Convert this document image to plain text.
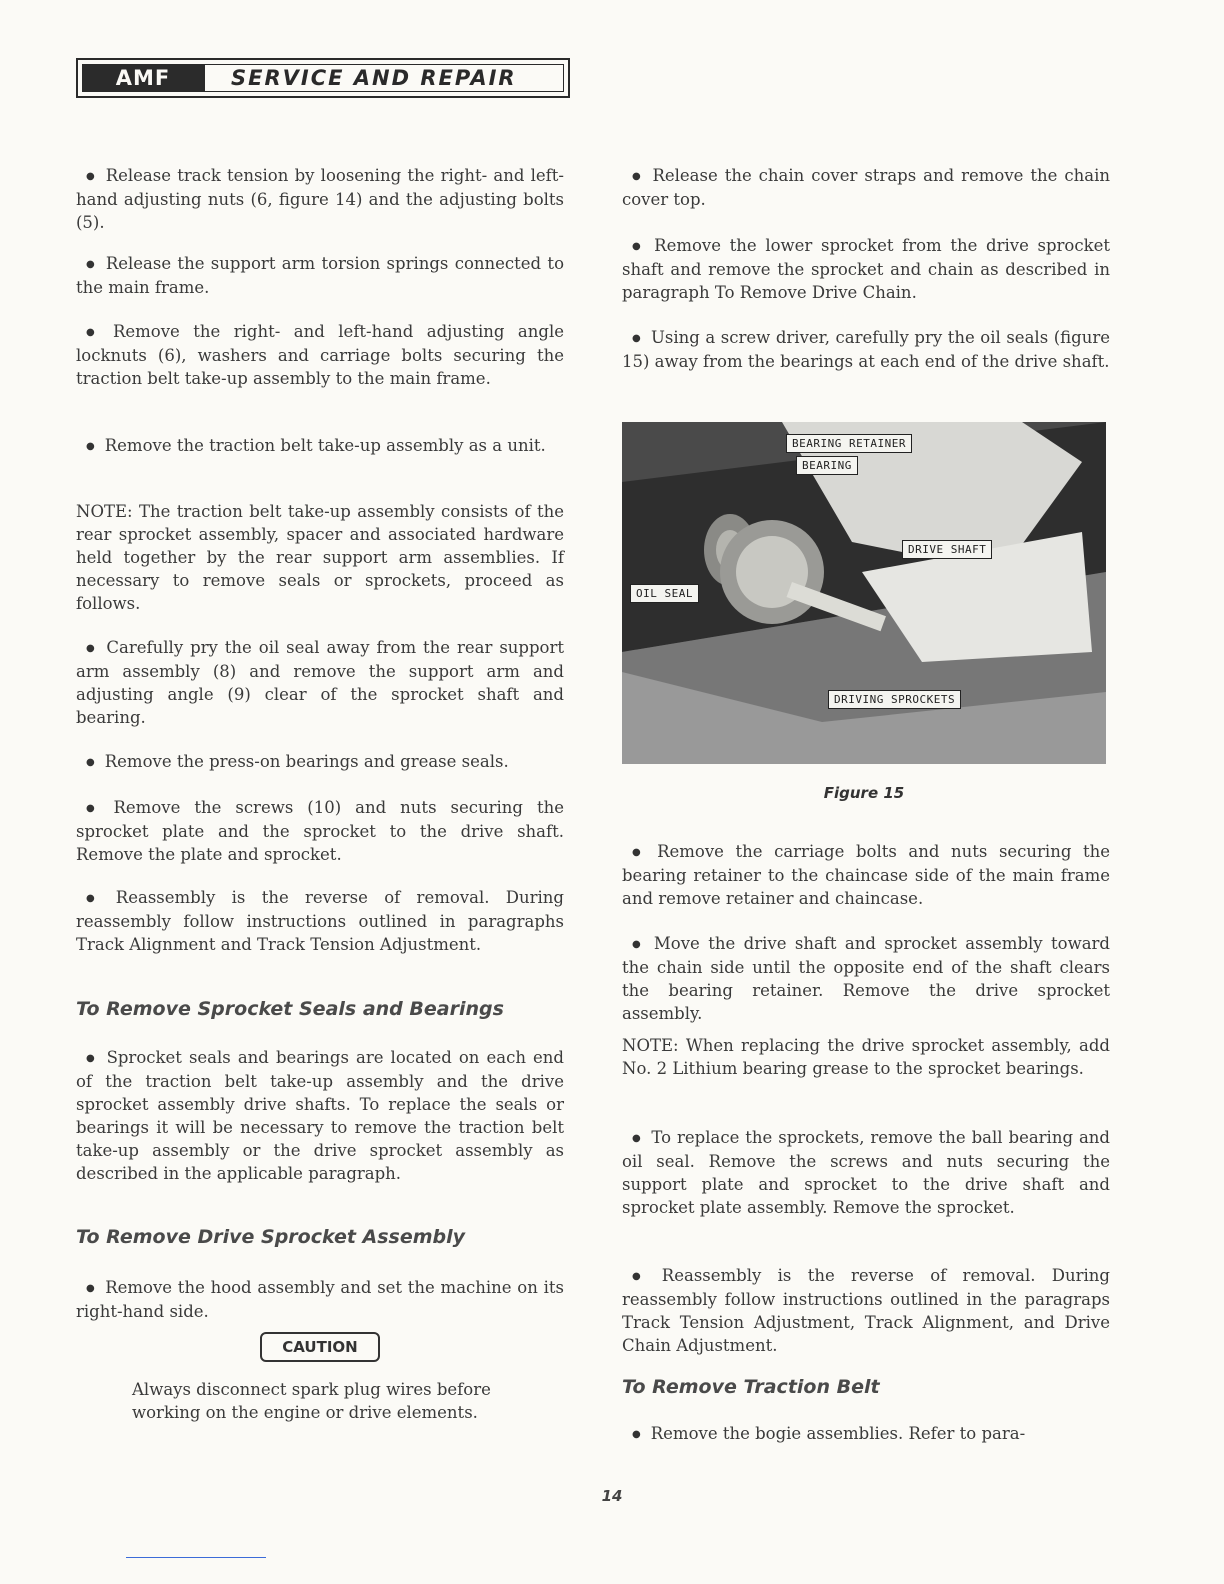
AMF	SERVICE AND REPAIR

● Release track tension by loosening the right- and left-hand adjusting nuts (6, figure 14) and the adjusting bolts (5).

● Release the support arm torsion springs connected to the main frame.

● Remove the right- and left-hand adjusting angle locknuts (6), washers and carriage bolts securing the traction belt take-up assembly to the main frame.

● Remove the traction belt take-up assembly as a unit.

NOTE: The traction belt take-up assembly consists of the rear sprocket assembly, spacer and associated hardware held together by the rear support arm assemblies. If necessary to remove seals or sprockets, proceed as follows.

● Carefully pry the oil seal away from the rear support arm assembly (8) and remove the support arm and adjusting angle (9) clear of the sprocket shaft and bearing.

● Remove the press-on bearings and grease seals.

● Remove the screws (10) and nuts securing the sprocket plate and the sprocket to the drive shaft. Remove the plate and sprocket.

● Reassembly is the reverse of removal. During reassembly follow instructions outlined in paragraphs Track Alignment and Track Tension Adjustment.

To Remove Sprocket Seals and Bearings

● Sprocket seals and bearings are located on each end of the traction belt take-up assembly and the drive sprocket assembly drive shafts. To replace the seals or bearings it will be necessary to remove the traction belt take-up assembly or the drive sprocket assembly as described in the applicable paragraph.

To Remove Drive Sprocket Assembly

● Remove the hood assembly and set the machine on its right-hand side.

CAUTION
Always disconnect spark plug wires before working on the engine or drive elements.

● Release the chain cover straps and remove the chain cover top.

● Remove the lower sprocket from the drive sprocket shaft and remove the sprocket and chain as described in paragraph To Remove Drive Chain.

● Using a screw driver, carefully pry the oil seals (figure 15) away from the bearings at each end of the drive shaft.

BEARING RETAINER
BEARING
DRIVE SHAFT
OIL SEAL
DRIVING SPROCKETS
Figure 15

● Remove the carriage bolts and nuts securing the bearing retainer to the chaincase side of the main frame and remove retainer and chaincase.

● Move the drive shaft and sprocket assembly toward the chain side until the opposite end of the shaft clears the bearing retainer. Remove the drive sprocket assembly.

NOTE: When replacing the drive sprocket assembly, add No. 2 Lithium bearing grease to the sprocket bearings.

● To replace the sprockets, remove the ball bearing and oil seal. Remove the screws and nuts securing the support plate and sprocket to the drive shaft and sprocket plate assembly. Remove the sprocket.

● Reassembly is the reverse of removal. During reassembly follow instructions outlined in the paragraps Track Tension Adjustment, Track Alignment, and Drive Chain Adjustment.

To Remove Traction Belt

● Remove the bogie assemblies. Refer to para-

14
